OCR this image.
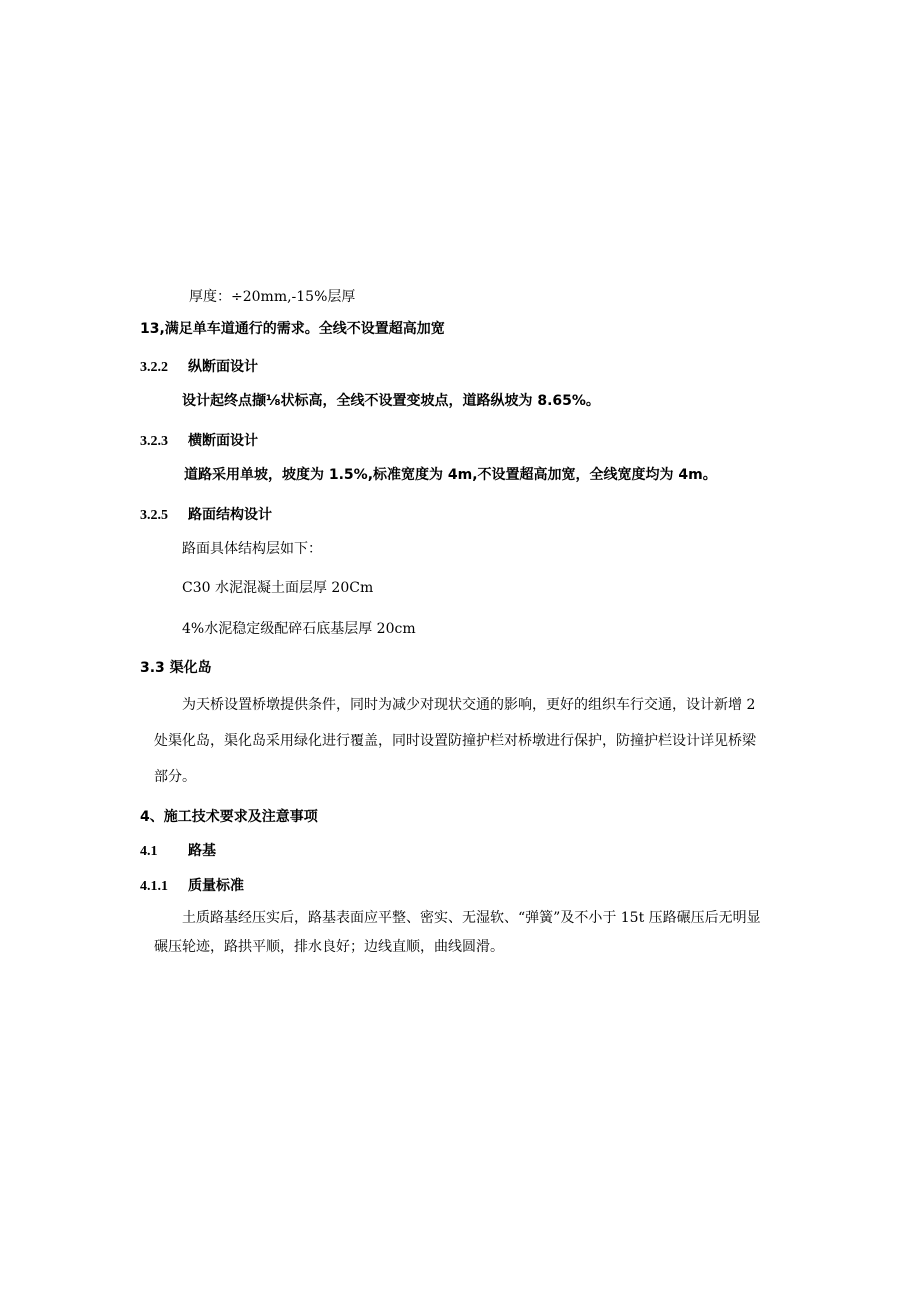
厚度：÷20mm,-15%层厚
13,满足单车道通行的需求。全线不设置超高加宽
3.2.2 纵断面设计
设计起终点撷⅛状标高，全线不设置变坡点，道路纵坡为 8.65%。
3.2.3 横断面设计
道路采用单坡，坡度为 1.5%,标准宽度为 4m,不设置超高加宽，全线宽度均为 4m。
3.2.5 路面结构设计
路面具体结构层如下：
C30 水泥混凝土面层厚 20Cm
4%水泥稳定级配碎石底基层厚 20cm
3.3 渠化岛
为天桥设置桥墩提供条件，同时为减少对现状交通的影响，更好的组织车行交通，设计新增 2 处渠化岛，渠化岛采用绿化进行覆盖，同时设置防撞护栏对桥墩进行保护，防撞护栏设计详见桥梁部分。
4、施工技术要求及注意事项
4.1 路基
4.1.1 质量标准
土质路基经压实后，路基表面应平整、密实、无湿软、“弹簧”及不小于 15t 压路碾压后无明显碾压轮迹，路拱平顺，排水良好；边线直顺，曲线圆滑。
